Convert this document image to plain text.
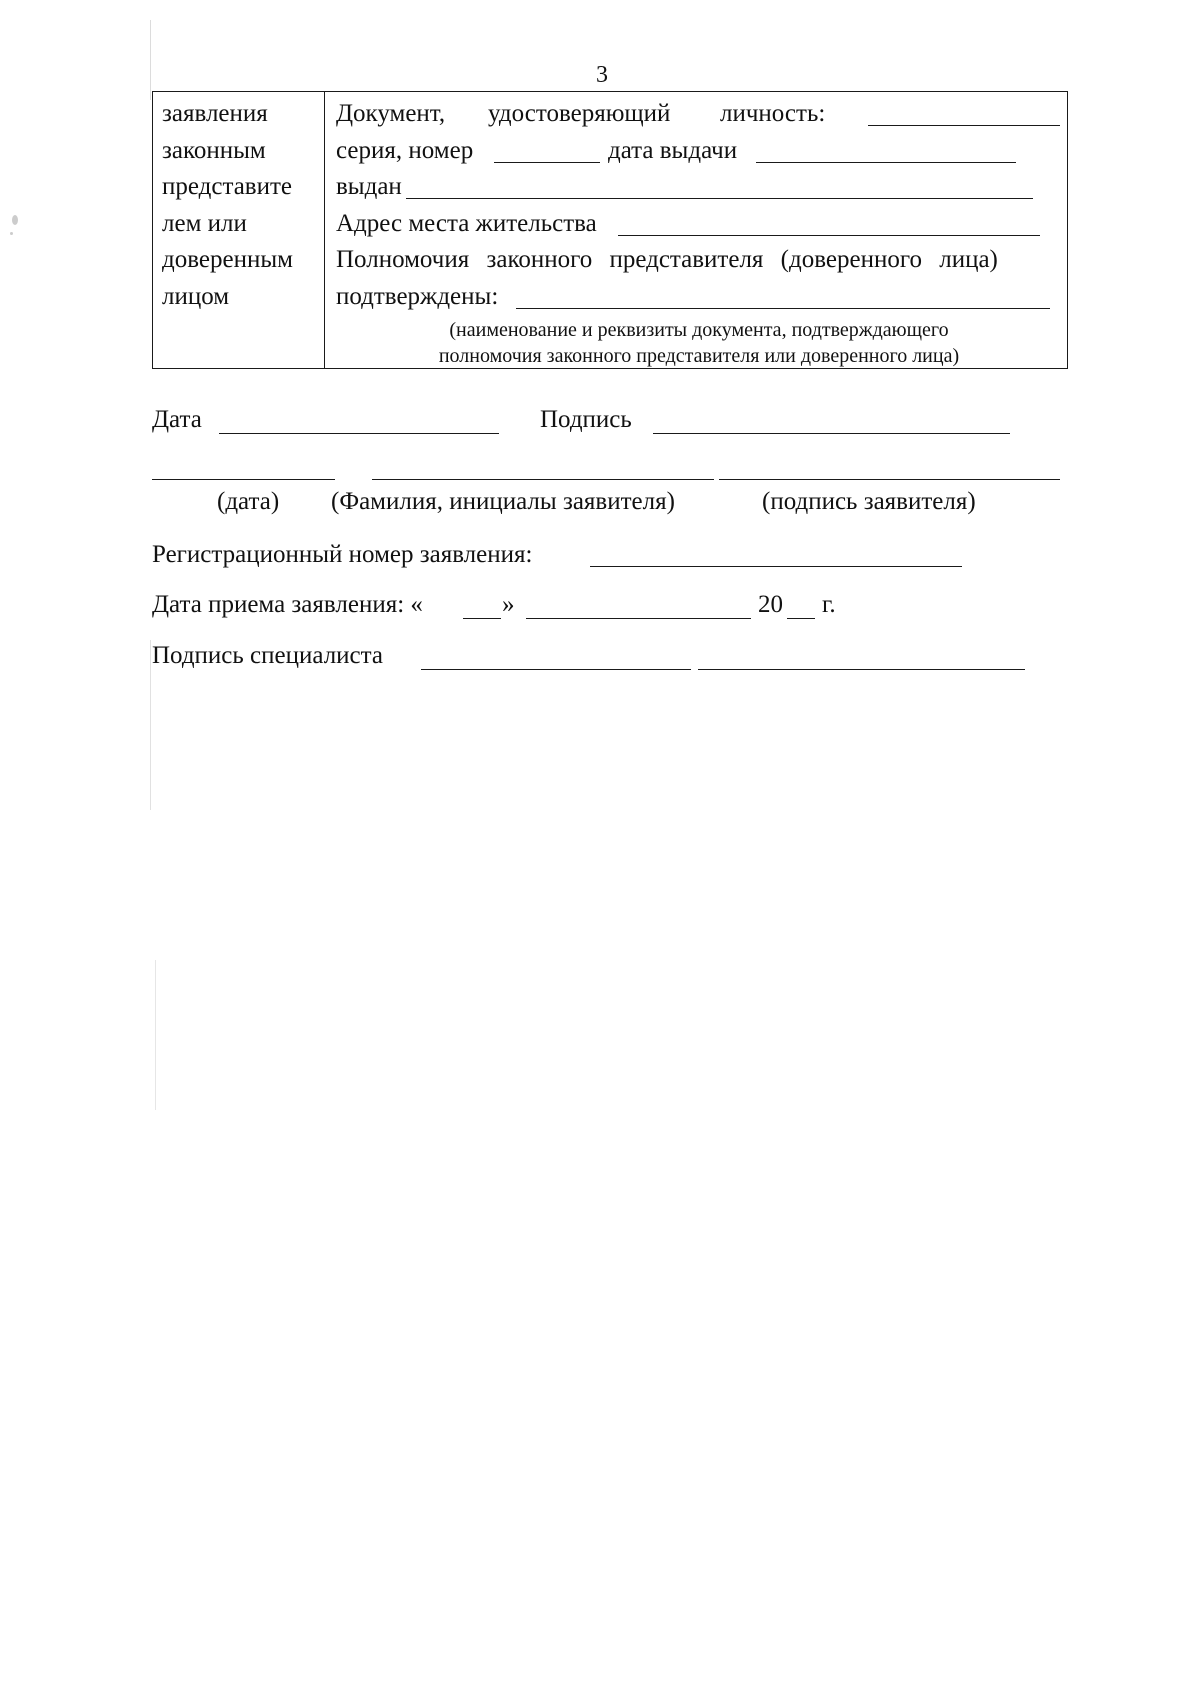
3
заявления
законным
представите
лем или
доверенным
лицом
Документ, удостоверяющий личность:
серия, номер	дата выдачи
выдан
Адрес места жительства
Полномочия законного представителя (доверенного лица)
подтверждены:
(наименование и реквизиты документа, подтверждающего
полномочия законного представителя или доверенного лица)
Дата	Подпись
(дата) (Фамилия, инициалы заявителя)	(подпись заявителя)
Регистрационный номер заявления:
Дата приема заявления: «	»	20 г.
Подпись специалиста
